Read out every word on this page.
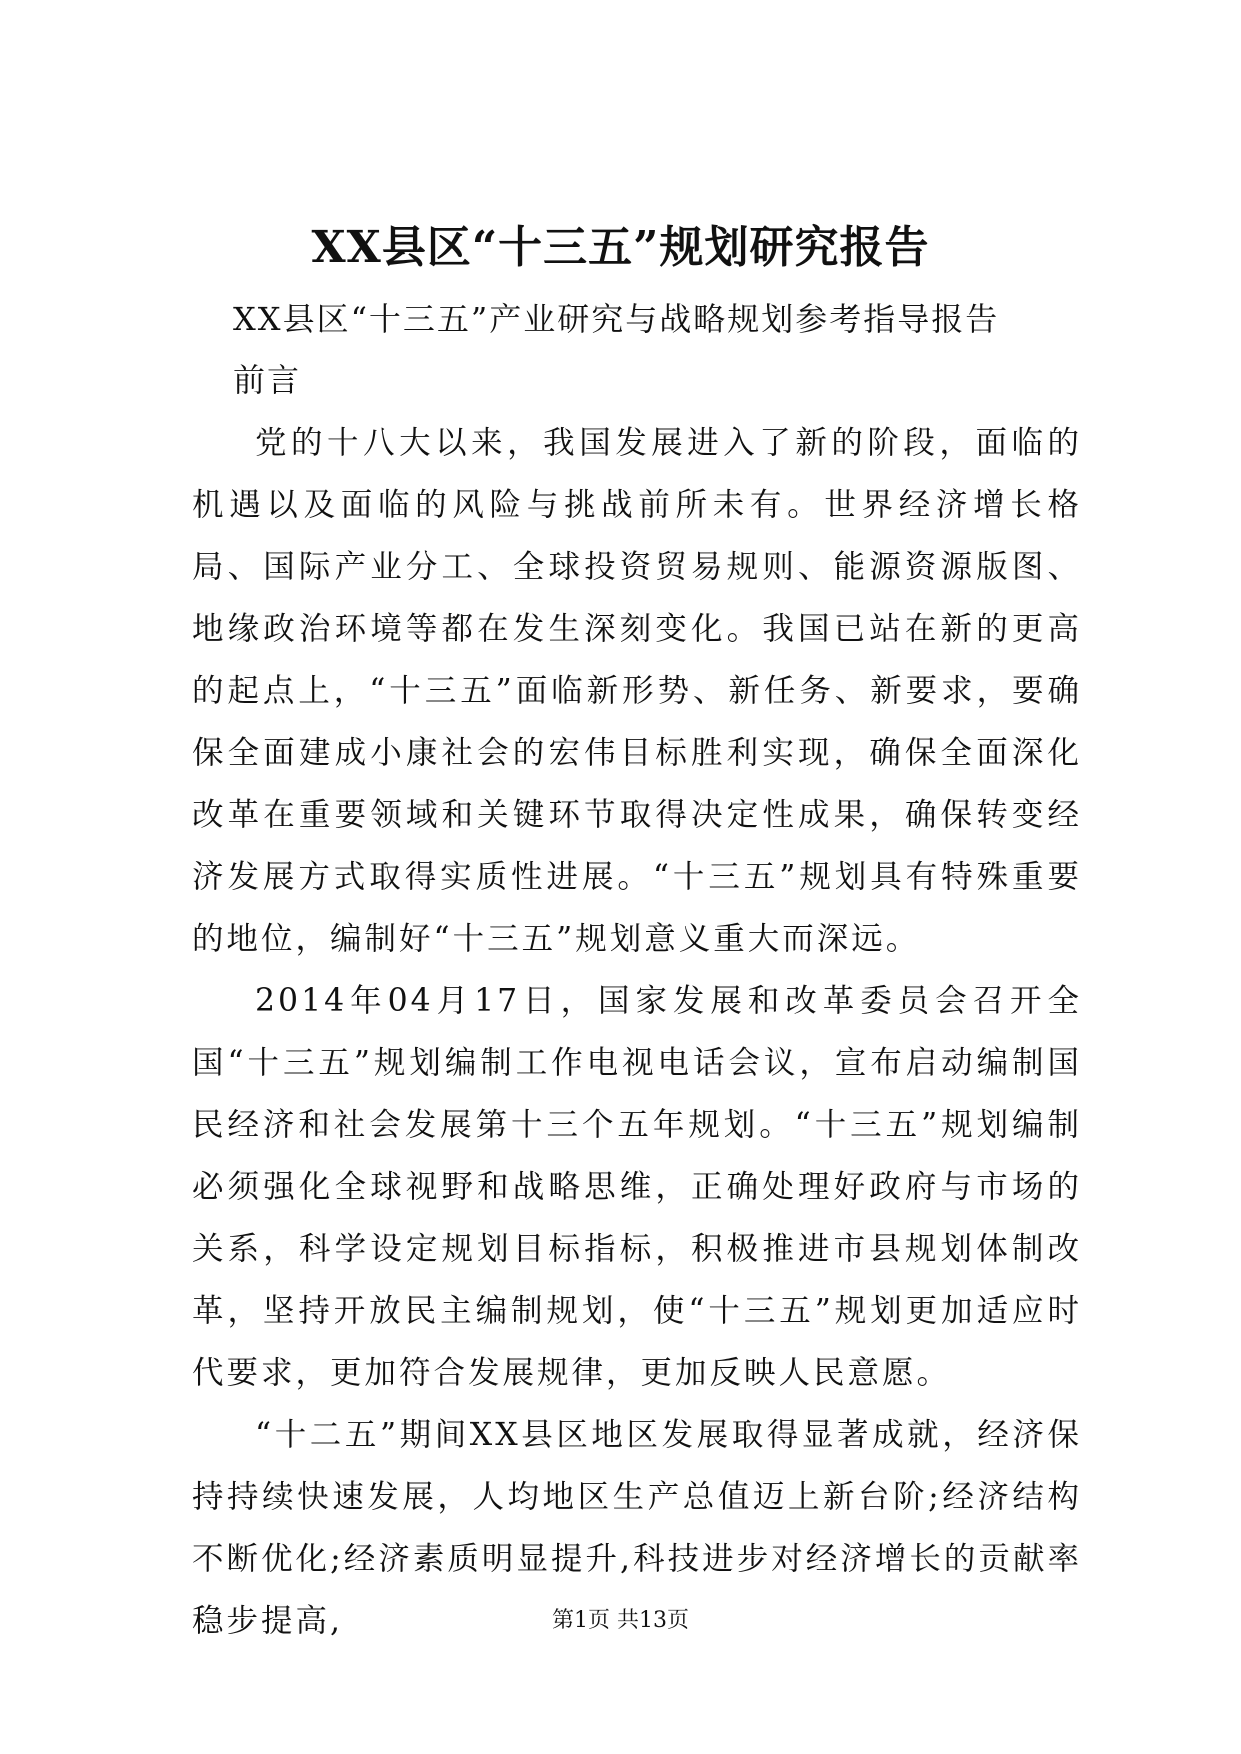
XX县区“十三五”规划研究报告
XX县区“十三五”产业研究与战略规划参考指导报告
前言

党的十八大以来，我国发展进入了新的阶段，面临的机遇以及面临的风险与挑战前所未有。世界经济增长格局、国际产业分工、全球投资贸易规则、能源资源版图、地缘政治环境等都在发生深刻变化。我国已站在新的更高的起点上，“十三五”面临新形势、新任务、新要求，要确保全面建成小康社会的宏伟目标胜利实现，确保全面深化改革在重要领域和关键环节取得决定性成果，确保转变经济发展方式取得实质性进展。“十三五”规划具有特殊重要的地位，编制好“十三五”规划意义重大而深远。

2014年04月17日，国家发展和改革委员会召开全国“十三五”规划编制工作电视电话会议，宣布启动编制国民经济和社会发展第十三个五年规划。“十三五”规划编制必须强化全球视野和战略思维，正确处理好政府与市场的关系，科学设定规划目标指标，积极推进市县规划体制改革，坚持开放民主编制规划，使“十三五”规划更加适应时代要求，更加符合发展规律，更加反映人民意愿。

“十二五”期间XX县区地区发展取得显著成就，经济保持持续快速发展，人均地区生产总值迈上新台阶;经济结构不断优化;经济素质明显提升,科技进步对经济增长的贡献率稳步提高,	第1页 共13页
